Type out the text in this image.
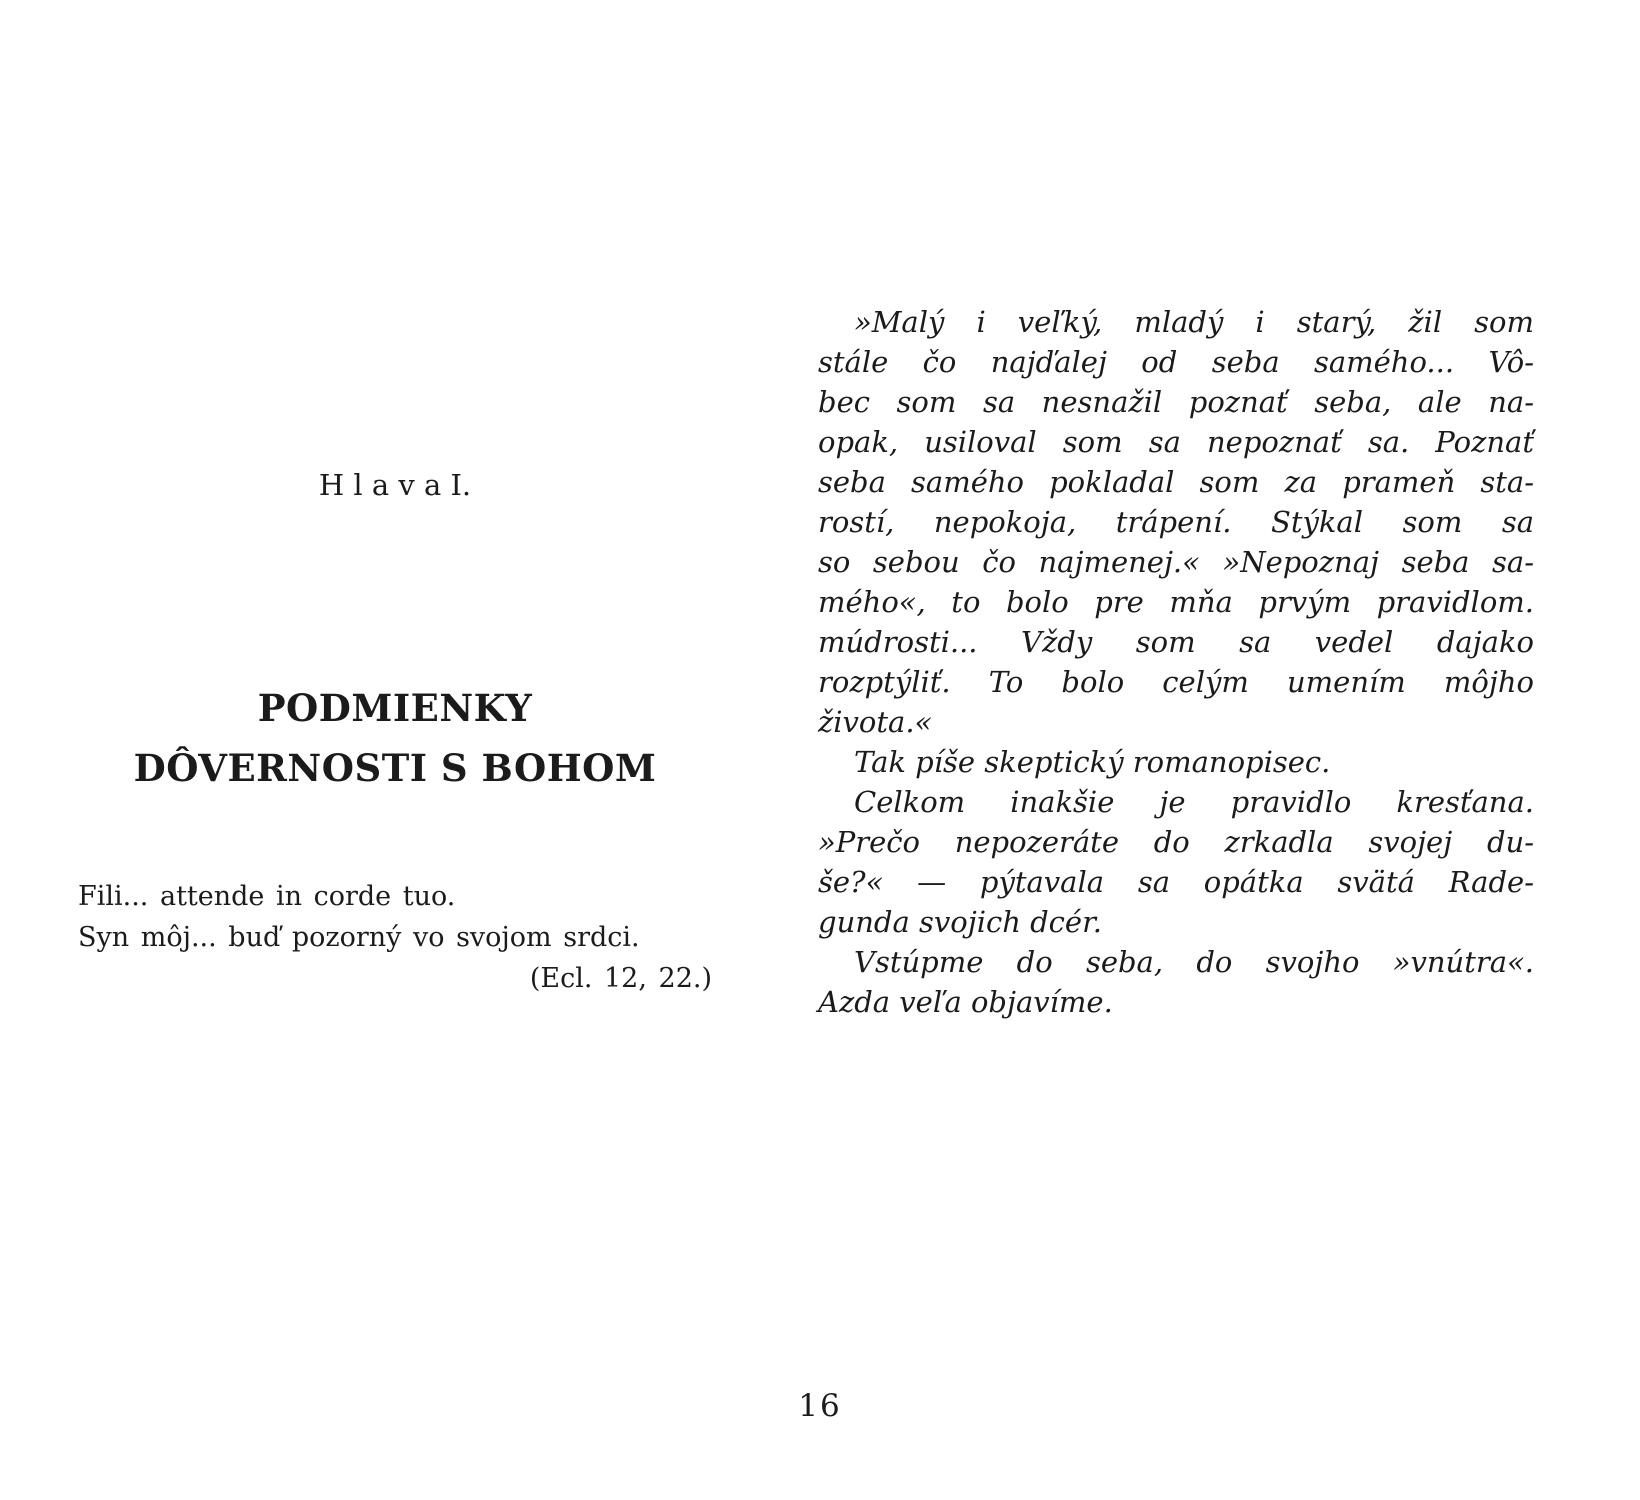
H l a v a I.
PODMIENKY
DÔVERNOSTI S BOHOM
Fili... attende in corde tuo.
Syn môj... buď pozorný vo svojom srdci.
(Ecl. 12, 22.)
»Malý i veľký, mladý i starý, žil som
stále čo najďalej od seba samého... Vô-
bec som sa nesnažil poznať seba, ale na-
opak, usiloval som sa nepoznať sa. Poznať
seba samého pokladal som za prameň sta-
rostí, nepokoja, trápení. Stýkal som sa
so sebou čo najmenej.« »Nepoznaj seba sa-
mého«, to bolo pre mňa prvým pravidlom.
múdrosti... Vždy som sa vedel dajako
rozptýliť. To bolo celým umením môjho
života.«
Tak píše skeptický romanopisec.
Celkom inakšie je pravidlo kresťana.
»Prečo nepozeráte do zrkadla svojej du-
še?« — pýtavala sa opátka svätá Rade-
gunda svojich dcér.
Vstúpme do seba, do svojho »vnútra«.
Azda veľa objavíme.
16
